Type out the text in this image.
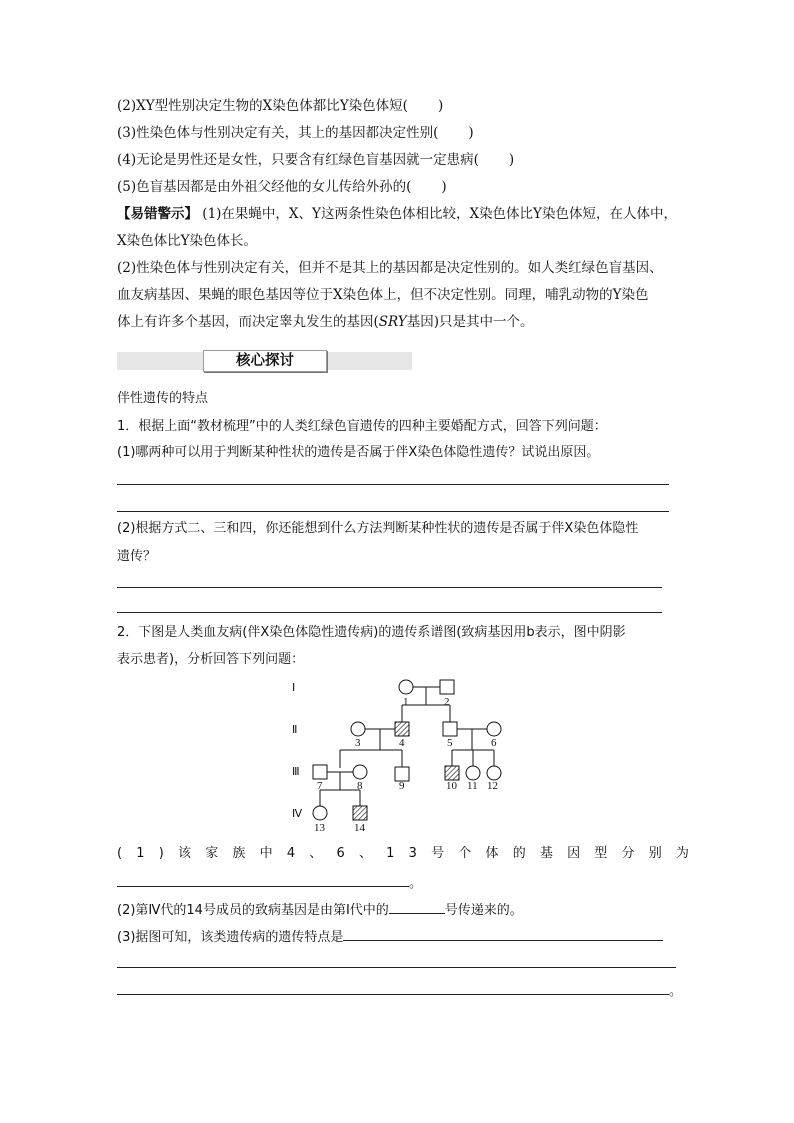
(2)XY型性别决定生物的X染色体都比Y染色体短( )
(3)性染色体与性别决定有关，其上的基因都决定性别( )
(4)无论是男性还是女性，只要含有红绿色盲基因就一定患病( )
(5)色盲基因都是由外祖父经他的女儿传给外孙的( )
【易错警示】 (1)在果蝇中，X、Y这两条性染色体相比较，X染色体比Y染色体短，在人体中，
X染色体比Y染色体长。
(2)性染色体与性别决定有关，但并不是其上的基因都是决定性别的。如人类红绿色盲基因、
血友病基因、果蝇的眼色基因等位于X染色体上，但不决定性别。同理，哺乳动物的Y染色
体上有许多个基因，而决定睾丸发生的基因(SRY基因)只是其中一个。
核心探讨
伴性遗传的特点
1．根据上面“教材梳理”中的人类红绿色盲遗传的四种主要婚配方式，回答下列问题：
(1)哪两种可以用于判断某种性状的遗传是否属于伴X染色体隐性遗传？试说出原因。
(2)根据方式二、三和四，你还能想到什么方法判断某种性状的遗传是否属于伴X染色体隐性
遗传？
2．下图是人类血友病(伴X染色体隐性遗传病)的遗传系谱图(致病基因用b表示，图中阴影
表示患者)，分析回答下列问题：
Ⅰ
Ⅱ
Ⅲ
Ⅳ
1	2
3	4	5	6
7	8	9	10 11 12
13	14
(1)该家族中4、6、13号个体的基因型分别为
。
(2)第Ⅳ代的14号成员的致病基因是由第Ⅰ代中的	号传递来的。
(3)据图可知，该类遗传病的遗传特点是
。
